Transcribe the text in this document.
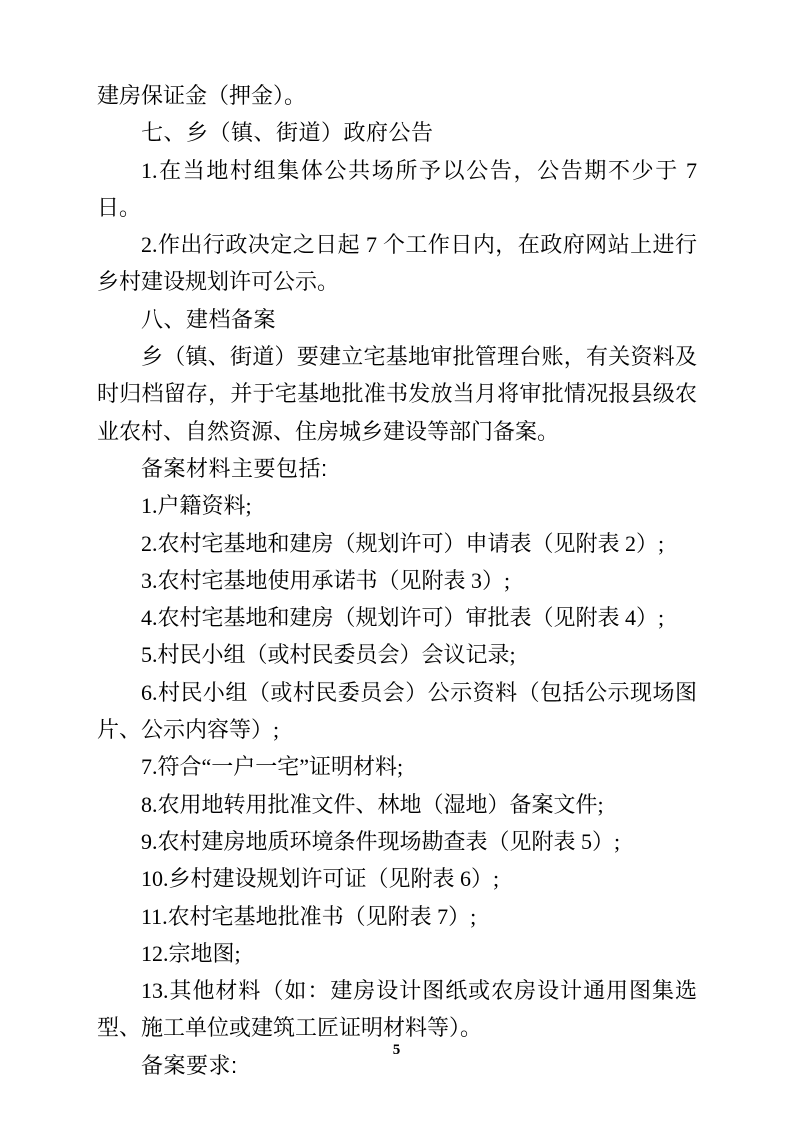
建房保证金（押金）。

七、乡（镇、街道）政府公告

1.在当地村组集体公共场所予以公告，公告期不少于 7 日。

2.作出行政决定之日起 7 个工作日内，在政府网站上进行乡村建设规划许可公示。

八、建档备案

乡（镇、街道）要建立宅基地审批管理台账，有关资料及时归档留存，并于宅基地批准书发放当月将审批情况报县级农业农村、自然资源、住房城乡建设等部门备案。

备案材料主要包括:

1.户籍资料;

2.农村宅基地和建房（规划许可）申请表（见附表 2）;

3.农村宅基地使用承诺书（见附表 3）;

4.农村宅基地和建房（规划许可）审批表（见附表 4）;

5.村民小组（或村民委员会）会议记录;

6.村民小组（或村民委员会）公示资料（包括公示现场图片、公示内容等）;

7.符合“一户一宅”证明材料;

8.农用地转用批准文件、林地（湿地）备案文件;

9.农村建房地质环境条件现场勘查表（见附表 5）;

10.乡村建设规划许可证（见附表 6）;

11.农村宅基地批准书（见附表 7）;

12.宗地图;

13.其他材料（如：建房设计图纸或农房设计通用图集选型、施工单位或建筑工匠证明材料等）。

备案要求:
5
